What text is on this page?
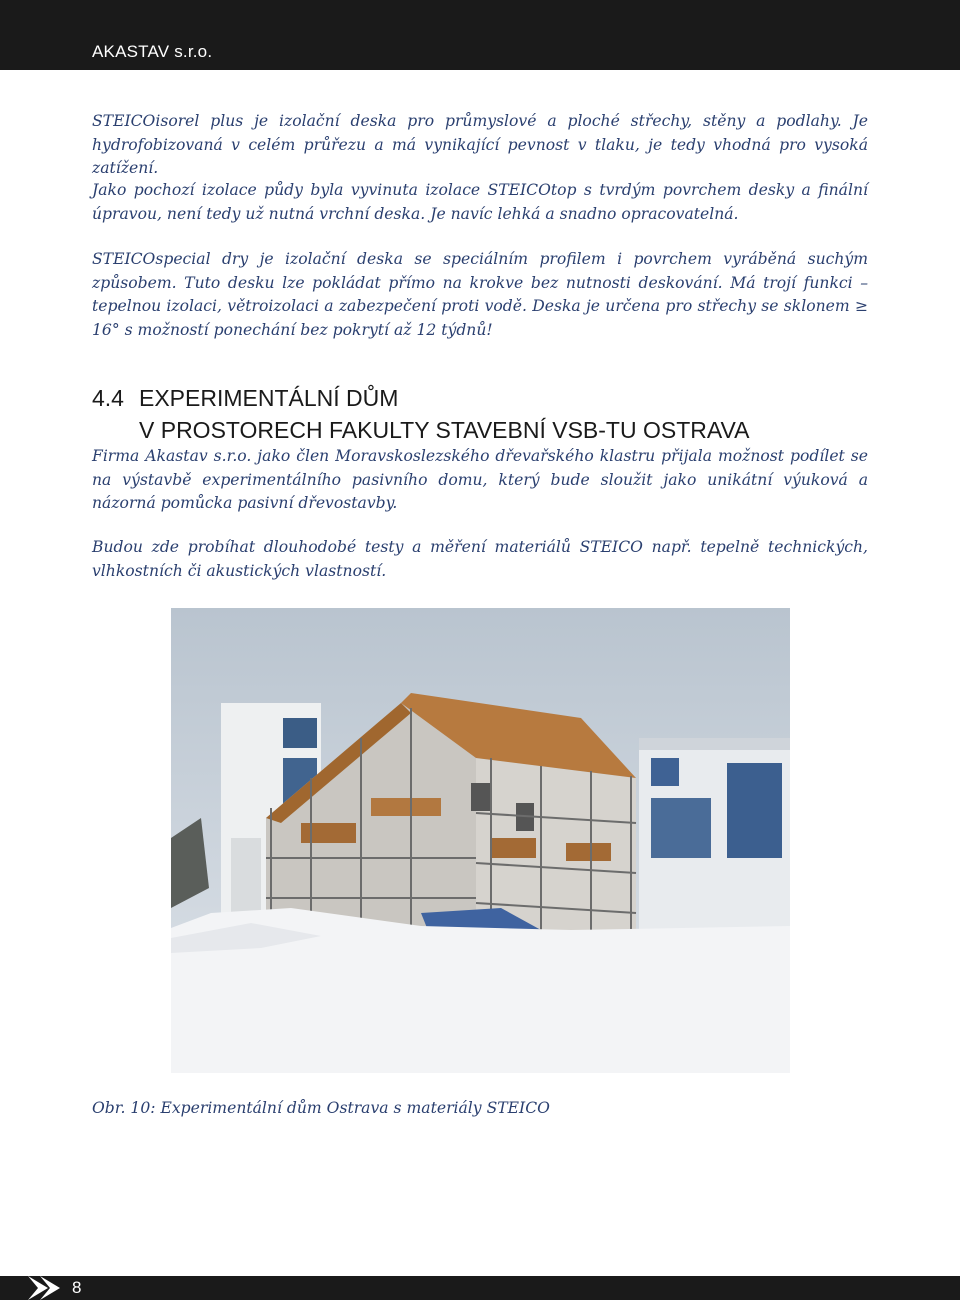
AKASTAV s.r.o.

STEICOisorel plus je izolační deska pro průmyslové a ploché střechy, stěny a podlahy. Je hydrofobizovaná v celém průřezu a má vynikající pevnost v tlaku, je tedy vhodná pro vysoká zatížení.

Jako pochozí izolace půdy byla vyvinuta izolace STEICOtop s tvrdým povrchem desky a finální úpravou, není tedy už nutná vrchní deska. Je navíc lehká a snadno opracovatelná.

STEICOspecial dry je izolační deska se speciálním profilem i povrchem vyráběná suchým způsobem. Tuto desku lze pokládat přímo na krokve bez nutnosti deskování. Má trojí funkci – tepelnou izolaci, větroizolaci a zabezpečení proti vodě. Deska je určena pro střechy se sklonem ≥ 16° s možností ponechání bez pokrytí až 12 týdnů!

4.4 EXPERIMENTÁLNÍ DŮM
V PROSTORECH FAKULTY STAVEBNÍ VSB-TU OSTRAVA

Firma Akastav s.r.o. jako člen Moravskoslezského dřevařského klastru přijala možnost podílet se na výstavbě experimentálního pasivního domu, který bude sloužit jako unikátní výuková a názorná pomůcka pasivní dřevostavby.

Budou zde probíhat dlouhodobé testy a měření materiálů STEICO např. tepelně technických, vlhkostních či akustických vlastností.

Obr. 10: Experimentální dům Ostrava s materiály STEICO
8
